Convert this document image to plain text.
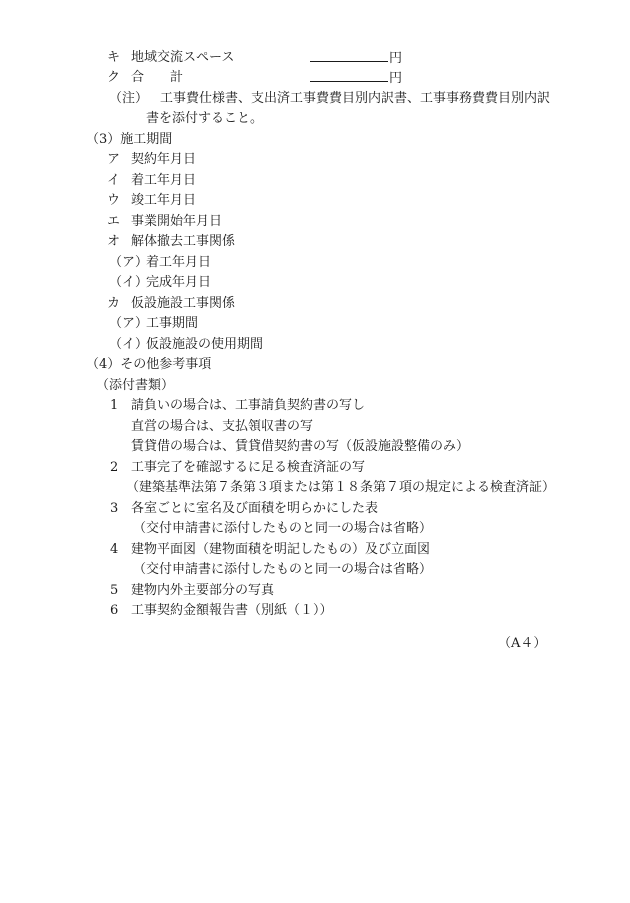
キ 地域交流スペース	円
ク 合　　計	円
（注） 工事費仕様書、支出済工事費費目別内訳書、工事事務費費目別内訳
書を添付すること。
（3）施工期間
ア 契約年月日
イ 着工年月日
ウ 竣工年月日
エ 事業開始年月日
オ 解体撤去工事関係
（ア）
着工年月日
（イ）
完成年月日
カ 仮設施設工事関係
（ア）
工事期間
（イ）
仮設施設の使用期間
（4）その他参考事項
（添付書類）
1 請負いの場合は、工事請負契約書の写し
直営の場合は、支払領収書の写
賃貸借の場合は、賃貸借契約書の写（仮設施設整備のみ）
2 工事完了を確認するに足る検査済証の写
（建築基準法第７条第３項または第１８条第７項の規定による検査済証）
3 各室ごとに室名及び面積を明らかにした表
（交付申請書に添付したものと同一の場合は省略）
4 建物平面図（建物面積を明記したもの）及び立面図
（交付申請書に添付したものと同一の場合は省略）
5 建物内外主要部分の写真
6 工事契約金額報告書（別紙（１））
（A４）
